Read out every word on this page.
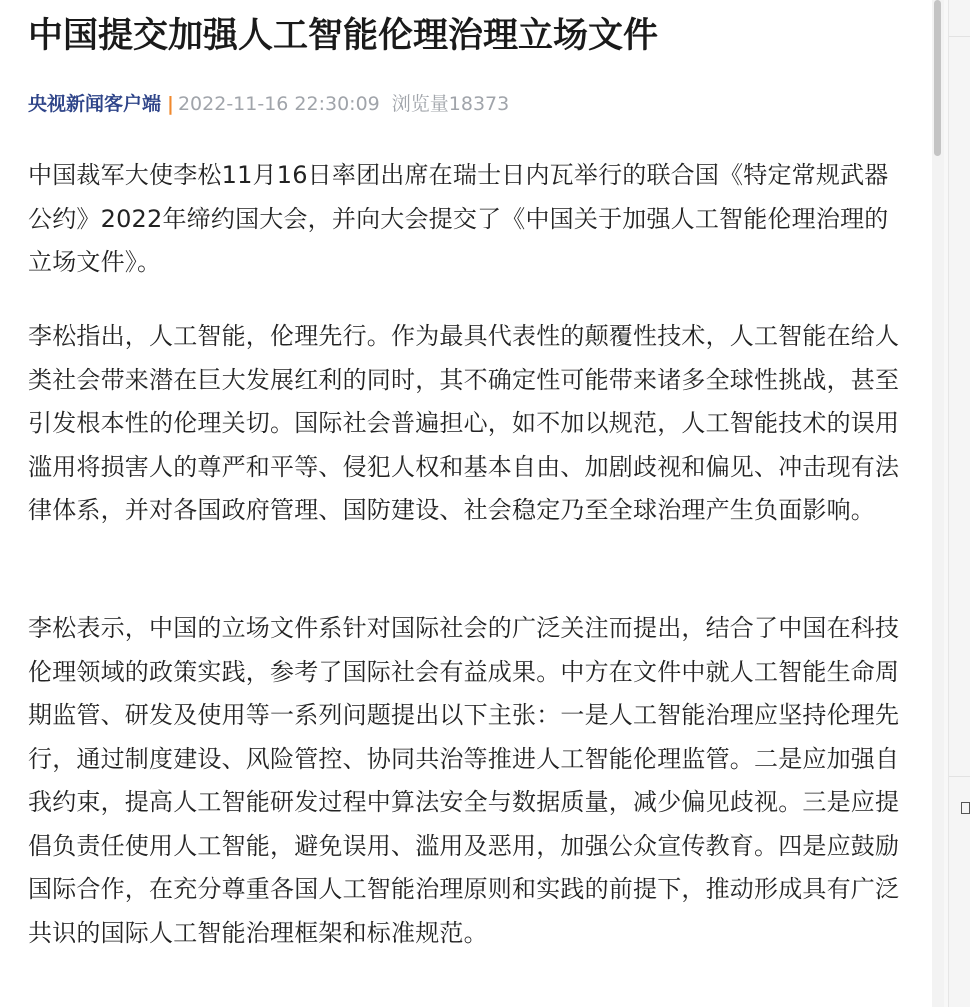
中国提交加强人工智能伦理治理立场文件
央视新闻客户端 | 2022-11-16 22:30:09 浏览量18373

中国裁军大使李松11月16日率团出席在瑞士日内瓦举行的联合国《特定常规武器公约》2022年缔约国大会，并向大会提交了《中国关于加强人工智能伦理治理的立场文件》。

李松指出，人工智能，伦理先行。作为最具代表性的颠覆性技术，人工智能在给人类社会带来潜在巨大发展红利的同时，其不确定性可能带来诸多全球性挑战，甚至引发根本性的伦理关切。国际社会普遍担心，如不加以规范，人工智能技术的误用滥用将损害人的尊严和平等、侵犯人权和基本自由、加剧歧视和偏见、冲击现有法律体系，并对各国政府管理、国防建设、社会稳定乃至全球治理产生负面影响。

李松表示，中国的立场文件系针对国际社会的广泛关注而提出，结合了中国在科技伦理领域的政策实践，参考了国际社会有益成果。中方在文件中就人工智能生命周期监管、研发及使用等一系列问题提出以下主张：一是人工智能治理应坚持伦理先行，通过制度建设、风险管控、协同共治等推进人工智能伦理监管。二是应加强自我约束，提高人工智能研发过程中算法安全与数据质量，减少偏见歧视。三是应提倡负责任使用人工智能，避免误用、滥用及恶用，加强公众宣传教育。四是应鼓励国际合作，在充分尊重各国人工智能治理原则和实践的前提下，推动形成具有广泛共识的国际人工智能治理框架和标准规范。
